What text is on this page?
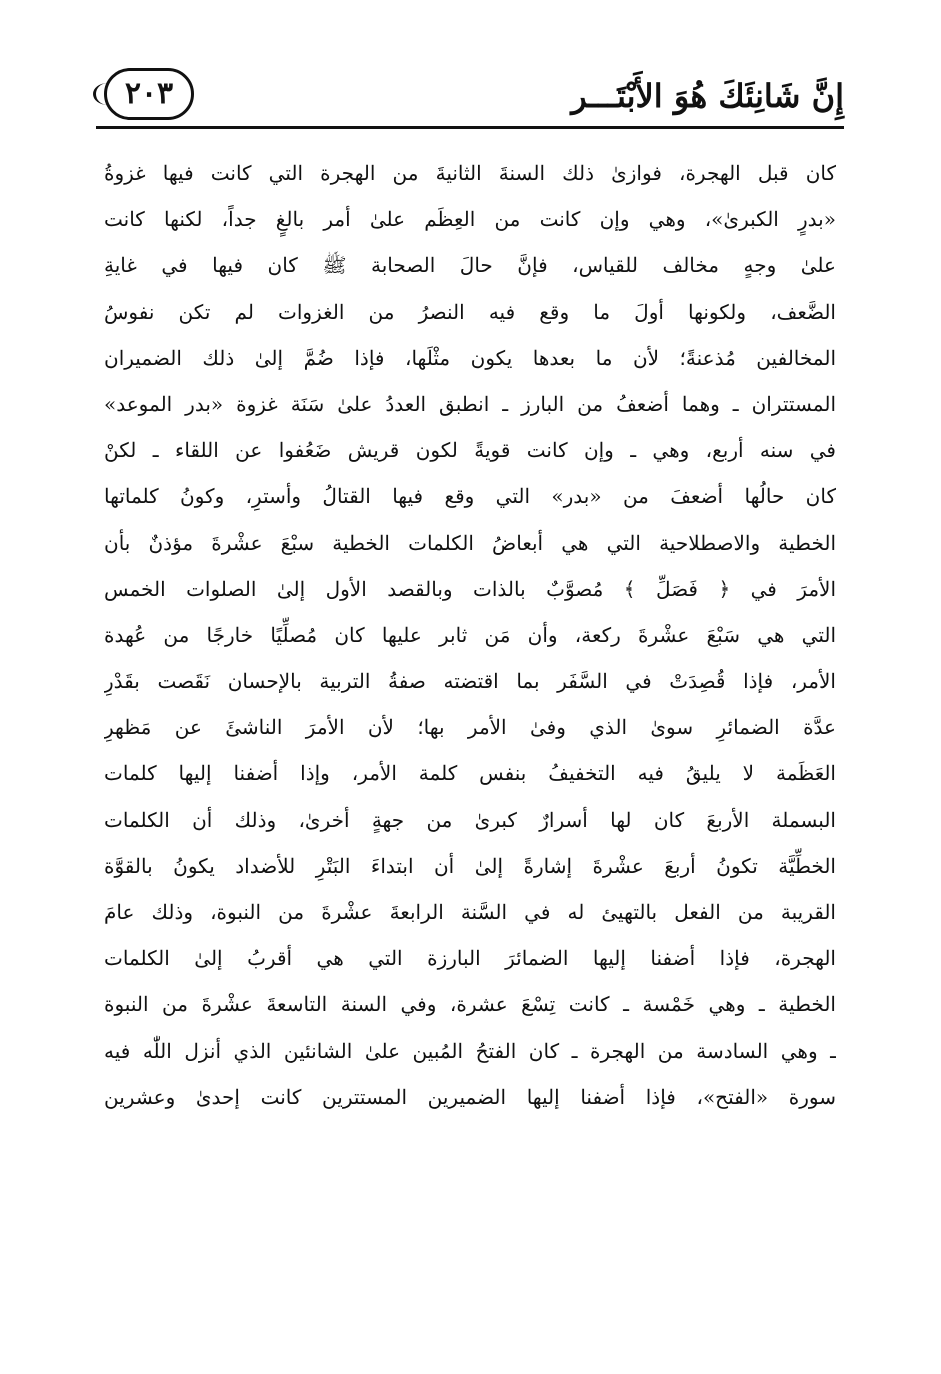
إِنَّ شَانِئَكَ هُوَ الأَبْتَـــر
٢٠٣
كان قبل الهجرة، فوازىٰ ذلك السنةَ الثانيةَ من الهجرة التي كانت فيها غزوةُ
«بدرٍ الكبرىٰ»، وهي وإن كانت من العِظَم علىٰ أمر بالغٍ جداً، لكنها كانت
علىٰ وجهٍ مخالف للقياس، فإنَّ حالَ الصحابة ﷺ كان فيها في غايةِ
الضَّعف، ولكونها أولَ ما وقع فيه النصرُ من الغزوات لم تكن نفوسُ
المخالفين مُذعنةً؛ لأن ما بعدها يكون مثْلَها، فإذا ضُمَّ إلىٰ ذلك الضميران
المستتران ـ وهما أضعفُ من البارز ـ انطبق العددُ علىٰ سَنَة غزوة «بدر الموعد»
في سنه أربع، وهي ـ وإن كانت قويةً لكون قريش ضَعُفوا عن اللقاء ـ لكنْ
كان حالُها أضعفَ من «بدر» التي وقع فيها القتالُ وأسترِ، وكونُ كلماتها
الخطية والاصطلاحية التي هي أبعاضُ الكلمات الخطية سبْعَ عشْرةَ مؤذنٌ بأن
الأمرَ في ﴿ فَصَلِّ ﴾ مُصوَّبٌ بالذات وبالقصد الأول إلىٰ الصلوات الخمس
التي هي سَبْعَ عشْرةَ ركعة، وأن مَن ثابر عليها كان مُصلِّيًا خارجًا من عُهدة
الأمر، فإذا قُصِدَتْ في السَّفَر بما اقتضته صفةُ التربية بالإحسان نَقَصت بقَدْرِ
عدَّة الضمائرِ سوىٰ الذي وفىٰ الأمر بها؛ لأن الأمرَ الناشئَ عن مَظهرِ
العَظَمة لا يليقُ فيه التخفيفُ بنفس كلمة الأمر، وإذا أضفنا إليها كلمات
البسملة الأربعَ كان لها أسرارٌ كبرىٰ من جهةٍ أخرىٰ، وذلك أن الكلمات
الخطِّيَّة تكونُ أربعَ عشْرةَ إشارةً إلىٰ أن ابتداءَ البَتْرِ للأضداد يكونُ بالقوَّة
القريبة من الفعل بالتهيئ له في السَّنة الرابعةَ عشْرةَ من النبوة، وذلك عامَ
الهجرة، فإذا أضفنا إليها الضمائرَ البارزة التي هي أقربُ إلىٰ الكلمات
الخطية ـ وهي خَمْسة ـ كانت تِسْعَ عشرة، وفي السنة التاسعةَ عشْرةَ من النبوة
ـ وهي السادسة من الهجرة ـ كان الفتحُ المُبين علىٰ الشانئين الذي أنزل اللّٰه فيه
سورة «الفتح»، فإذا أضفنا إليها الضميرين المستترين كانت إحدىٰ وعشرين
